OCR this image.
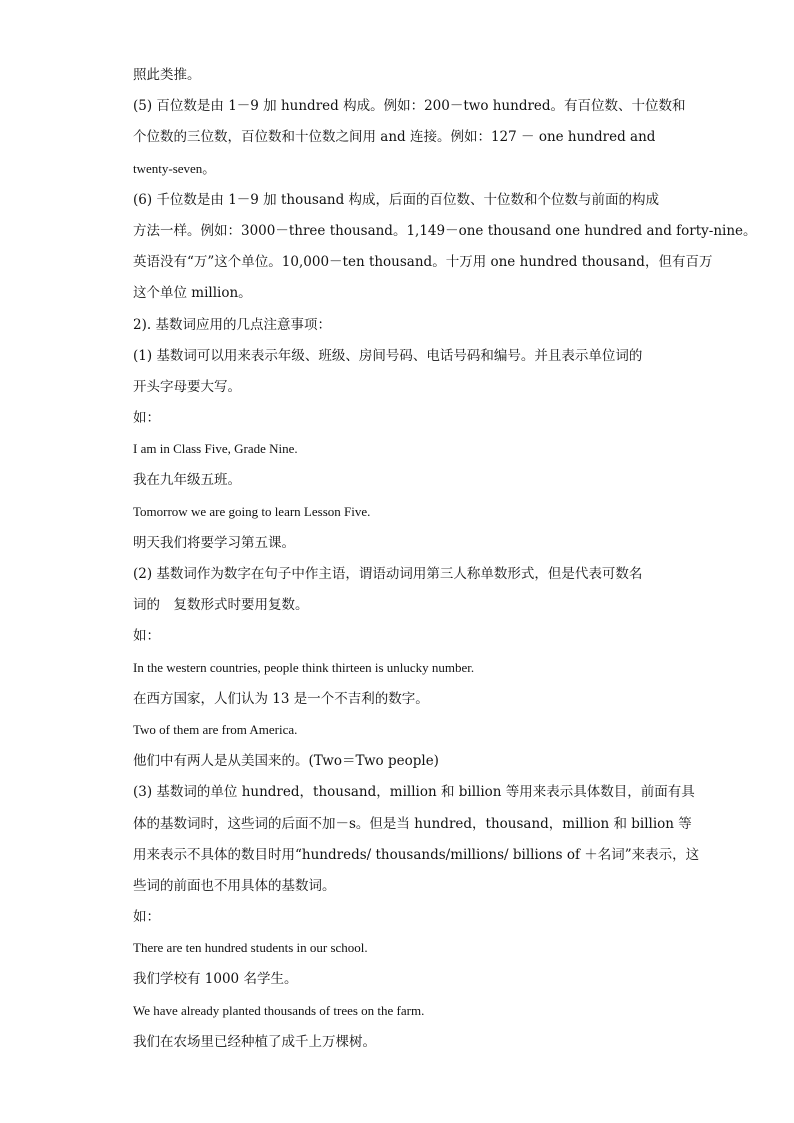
照此类推。
(5) 百位数是由 1－9 加 hundred 构成。例如：200－two hundred。有百位数、十位数和
个位数的三位数，百位数和十位数之间用 and 连接。例如：127 － one hundred and
twenty-seven。
(6) 千位数是由 1－9 加 thousand 构成，后面的百位数、十位数和个位数与前面的构成
方法一样。例如：3000－three thousand。1,149－one thousand one hundred and forty-nine。
英语没有“万”这个单位。10,000－ten thousand。十万用 one hundred thousand，但有百万
这个单位 million。
2). 基数词应用的几点注意事项：
(1) 基数词可以用来表示年级、班级、房间号码、电话号码和编号。并且表示单位词的
开头字母要大写。
如：
I am in Class Five, Grade Nine.
我在九年级五班。
Tomorrow we are going to learn Lesson Five.
明天我们将要学习第五课。
(2) 基数词作为数字在句子中作主语，谓语动词用第三人称单数形式，但是代表可数名
词的　复数形式时要用复数。
如：
In the western countries, people think thirteen is unlucky number.
在西方国家，人们认为 13 是一个不吉利的数字。
Two of them are from America.
他们中有两人是从美国来的。(Two＝Two people)
(3) 基数词的单位 hundred，thousand，million 和 billion 等用来表示具体数目，前面有具
体的基数词时，这些词的后面不加－s。但是当 hundred，thousand，million 和 billion 等
用来表示不具体的数目时用“hundreds/ thousands/millions/ billions of ＋名词”来表示，这
些词的前面也不用具体的基数词。
如：
There are ten hundred students in our school.
我们学校有 1000 名学生。
We have already planted thousands of trees on the farm.
我们在农场里已经种植了成千上万棵树。
